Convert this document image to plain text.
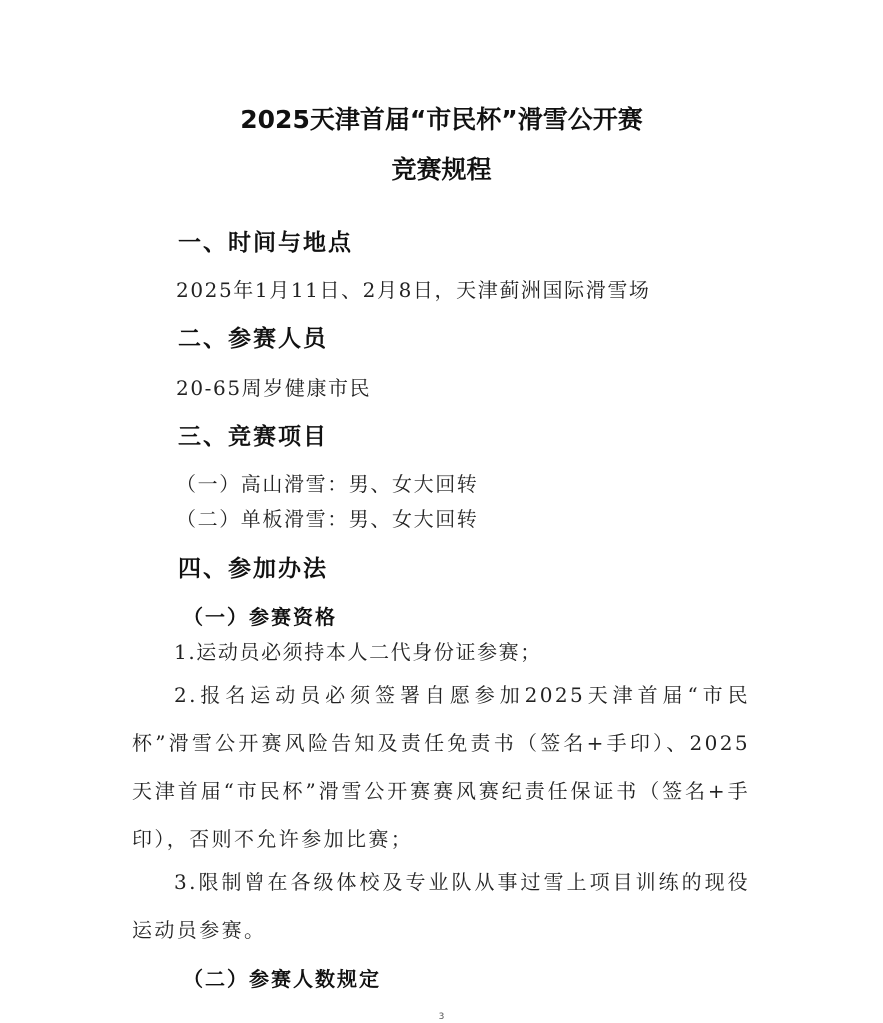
2025天津首届“市民杯”滑雪公开赛
竞赛规程
一、时间与地点
2025年1月11日、2月8日，天津蓟洲国际滑雪场
二、参赛人员
20-65周岁健康市民
三、竞赛项目
（一）高山滑雪：男、女大回转
（二）单板滑雪：男、女大回转
四、参加办法
（一）参赛资格
1.运动员必须持本人二代身份证参赛；

2.报名运动员必须签署自愿参加2025天津首届“市民杯”滑雪公开赛风险告知及责任免责书（签名+手印）、2025天津首届“市民杯”滑雪公开赛赛风赛纪责任保证书（签名+手印），否则不允许参加比赛；

3.限制曾在各级体校及专业队从事过雪上项目训练的现役运动员参赛。

（二）参赛人数规定
3
